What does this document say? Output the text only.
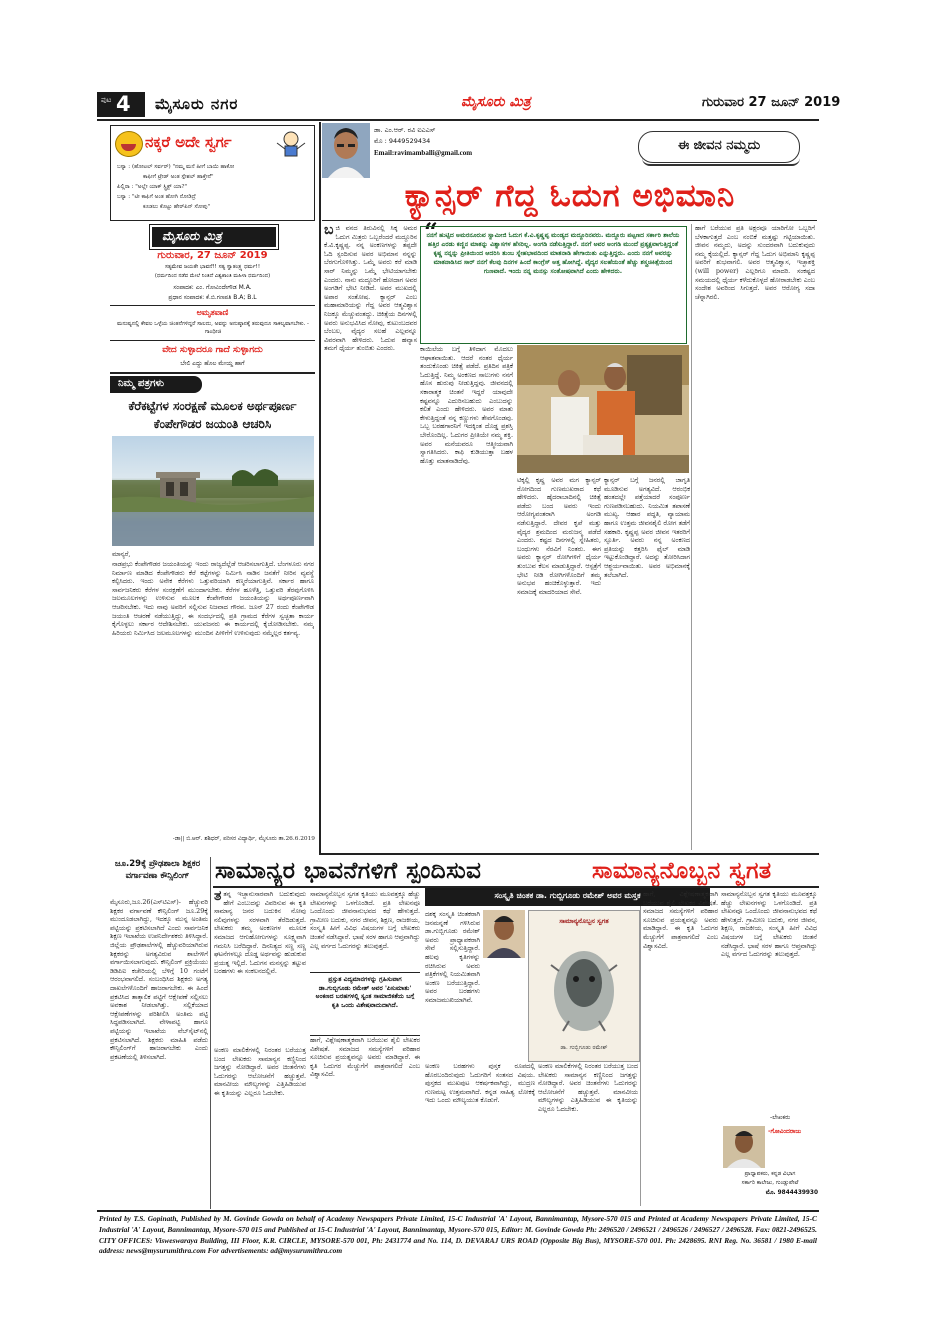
ಪುಟ 4 ಮೈಸೂರು ನಗರ	ಮೈಸೂರು ಮಿತ್ರ	ಗುರುವಾರ 27 ಜೂನ್ 2019
ನಕ್ಕರೆ ಅದೇ ಸ್ವರ್ಗ
ಬಸ್ಯಾ : (ಹೋಟಲ್ ಸರ್ವರ್) "ನಮ್ಮ ಮನೆ ಹೀಗೆ ಬಾಯಿ ಹಾಕೋ
ಕಾಫೀಗೆ ಟ್ರೇಡ್ ಅಂತ ಸ್ಪೇಶಲ್ ಹಾಕ್ತೇನೆ"
ಪಿಲ್ಲಿರಾ : "ಅಲ್ಲೇ ಯಾಕ್ ಸ್ಟ್ರಿಕ್ಟ್ ಯಾ?"
ಬಸ್ಯಾ : "ಟೀ ಕಾಫಿಗೆ ಅಂತ ಹೋಗಿ ನೋಡಿದ್ರೆ
ಕೂಡಲು ಕೊಟ್ಟು ಹೇರ್‌ಪಿನ್ ಸೋಪು"
ಮೈಸೂರು ಮಿತ್ರ
ಗುರುವಾರ, 27 ಜೂನ್ 2019
ಸತ್ಯಮೇವ ಜಯತೇ ಭಾವನೆ!! ಸತ್ಯ ಸ್ವಾತಂತ್ರ್ಯ ಧರ್ಮ!!
(ಧರ್ಮದಿಂದ ನಡೆವ ಮೇಲೆ ನಿಂತಿದೆ ವಿಶ್ವಶಾಂತಿ ಮಹಿಳಾ ಧರ್ಮದಿಂದ)
ಸಂಪಾದಕ: ಎಂ. ಗೋವಿಂದೇಗೌಡ M.A.
ಪ್ರಧಾನ ಸಂಪಾದಕ: ಕೆ.ಬಿ.ಗಣಪತಿ B.A; B.L
ಅಮೃತವಾಣಿ
ಮನುಷ್ಯನಲ್ಲಿ ಕೇವಲ ಒಳ್ಳೆಯ ಚಿಂತನೆಗಳಿದ್ದರೆ ಸಾಲದು, ಅವನ್ನು ಅನುಷ್ಠಾನಕ್ಕೆ ತರುವುದೂ ಸಾಕಲ್ಯವಾಗಬೇಕು. - ಗಾಂಧೀಜಿ
ವೇದ ಸುಳ್ಳಾದರೂ ಗಾದೆ ಸುಳ್ಳಾಗದು
ಬೇಲಿ ಎದ್ದು ಹೊಲ ಮೇಯ್ದ ಹಾಗೆ
ನಿಮ್ಮ ಪತ್ರಗಳು
ಕೆರೆಕಟ್ಟೆಗಳ ಸಂರಕ್ಷಣೆ ಮೂಲಕ ಅರ್ಥಪೂರ್ಣ
ಕೆಂಪೇಗೌಡರ ಜಯಂತಿ ಆಚರಿಸಿ
ಮಾನ್ಯರೆ,
ನಾಡಪ್ರಭು ಕೆಂಪೇಗೌಡರ ಜಯಂತಿಯನ್ನು ಇಂದು ರಾಜ್ಯದೆಲ್ಲೆಡೆ ಆಚರಿಸಲಾಗುತ್ತಿದೆ. ಬೆಂಗಳೂರು ನಗರ ನಿರ್ಮಾಣ ಮಾಡಿದ ಕೆಂಪೇಗೌಡರು ಕೆರೆ ಕಟ್ಟೆಗಳನ್ನು ನಿರ್ಮಿಸಿ ನಾಡಿನ ಜನತೆಗೆ ನೀರಿನ ವ್ಯವಸ್ಥೆ ಕಲ್ಪಿಸಿದರು. ಇಂದು ಅನೇಕ ಕೆರೆಗಳು ಒತ್ತುವರಿಯಾಗಿ ಕಣ್ಮರೆಯಾಗುತ್ತಿವೆ. ಸರ್ಕಾರ ಹಾಗೂ ಸಾರ್ವಜನಿಕರು ಕೆರೆಗಳ ಸಂರಕ್ಷಣೆಗೆ ಮುಂದಾಗಬೇಕು. ಕೆರೆಗಳ ಹೂಳೆತ್ತಿ, ಒತ್ತುವರಿ ತೆರವುಗೊಳಿಸಿ ಜಲಮೂಲಗಳನ್ನು ಉಳಿಸುವ ಮೂಲಕ ಕೆಂಪೇಗೌಡರ ಜಯಂತಿಯನ್ನು ಅರ್ಥಪೂರ್ಣವಾಗಿ ಆಚರಿಸಬೇಕು. ಇದು ನಾವು ಅವರಿಗೆ ಸಲ್ಲಿಸುವ ನಿಜವಾದ ಗೌರವ. ಜೂನ್ 27 ರಂದು ಕೆಂಪೇಗೌಡ ಜಯಂತಿ ಆಚರಣೆ ನಡೆಯುತ್ತಿದ್ದು, ಈ ಸಂದರ್ಭದಲ್ಲಿ ಪ್ರತಿ ಗ್ರಾಮದ ಕೆರೆಗಳ ಸ್ವಚ್ಛತಾ ಕಾರ್ಯ ಕೈಗೊಳ್ಳಲು ಸರ್ಕಾರ ಆದೇಶಿಸಬೇಕು. ಯುವಜನರು ಈ ಕಾರ್ಯದಲ್ಲಿ ಕೈಜೋಡಿಸಬೇಕು. ನಮ್ಮ ಹಿರಿಯರು ನಿರ್ಮಿಸಿದ ಜಲಮೂಲಗಳನ್ನು ಮುಂದಿನ ಪೀಳಿಗೆಗೆ ಉಳಿಸುವುದು ನಮ್ಮೆಲ್ಲರ ಕರ್ತವ್ಯ.
-ಡಾ|| ಬಿ.ಆರ್. ಶಶಿಧರ್, ಪರಿಸರ ವಿದ್ಯಾರ್ಥಿ, ಮೈಸೂರು ತಾ.26.6.2019
ಡಾ. ಎಂ.ಆರ್. ರವಿ ಐಎಎಸ್
ಮೊ : 9449529434
Email:ravimamballi@gmail.com	ಈ ಜೀವನ ನಮ್ಮದು
ಕ್ಯಾನ್ಸರ್ ಗೆದ್ದ ಓದುಗ ಅಭಿಮಾನಿ
“
ನನಗೆ ಹುಟ್ಟಿದ ಅಮರನೂರುವ ಸ್ವಾಮೀಜಿ ಓದುಗ ಕೆ.ವಿ.ಕೃಷ್ಣಪ್ಪ ಮಂಡ್ಯದ ಮದ್ದೂರಿನವರು. ಮದ್ದೂರು ಪಟ್ಟಣದ ಸರ್ಕಾರಿ ಶಾಲೆಯ ಹತ್ತಿರ ಎರಡು ಕಣ್ಣಿನ ಮಾತನ್ನು ವಿಶ್ವಾಸಗಳ ಹೆಸರಿಲ್ಲ. ಅಂಗಡಿ ನಡೆಸುತ್ತಿದ್ದಾರೆ. ನನಗೆ ಅವರ ಅಂಗಡಿ ಮುಂದೆ ಪ್ರತ್ಯಕ್ಷವಾಗುತ್ತಿದ್ದಂತೆ ಕೃಷ್ಣ ನನ್ನನ್ನು ಪ್ರೀತಿಯಿಂದ ಆದರಿಸಿ ತುಂಬ ಸ್ನೇಹಭಾವದಿಂದ ಮಾತನಾಡಿ ಹೇಗಾಯಿತು ಎನ್ನುತ್ತಿದ್ದರು. ಎಂದು ನನಗೆ ಅವರನ್ನು ಮಾತನಾಡಿಸಿದ ಸಾರ್ ನನಗೆ ಕೆಲವು ದಿನಗಳ ಹಿಂದೆ ಕಾಂಗ್ರೆಸ್ ಅತ್ತ ಹೋಗಿದ್ದೆ. ವೈದ್ಯರ ಸಲಹೆಯಂತೆ ಹೆಚ್ಚು ಶಸ್ತ್ರಚಿಕಿತ್ಸೆಯಿಂದ ಗುಣವಾದೆ. ಇಂದು ನನ್ನ ಮನಸ್ಸು ಸಂತೋಷವಾಗಿದೆ ಎಂದು ಹೇಳಿದರು.
ಬಜಿ ವನದ ತಿರುವಿನಲ್ಲಿ ಸಿಕ್ಕ ಅಮರ ಓದುಗ ಮಿತ್ರರು ಒಬ್ಬರೆಂದರೆ ಮದ್ದೂರಿನ ಕೆ.ವಿ.ಕೃಷ್ಣಪ್ಪ. ನನ್ನ ಅಂಕಣಗಳನ್ನು ತಪ್ಪದೇ ಓದಿ ಸ್ಪಂದಿಸುವ ಅವರ ಅಭಿಮಾನ ನನ್ನನ್ನು ಬೆರಗುಗೊಳಿಸಿತ್ತು. ಒಮ್ಮೆ ಅವರು ಕರೆ ಮಾಡಿ ಸಾರ್ ನಿಮ್ಮನ್ನು ಒಮ್ಮೆ ಭೇಟಿಯಾಗಬೇಕು ಎಂದರು. ನಾನು ಮದ್ದೂರಿಗೆ ಹೋದಾಗ ಅವರ ಅಂಗಡಿಗೆ ಭೇಟಿ ನೀಡಿದೆ. ಅವರ ಮುಖದಲ್ಲಿ ಅಪಾರ ಸಂತೋಷ. ಕ್ಯಾನ್ಸರ್ ಎಂಬ ಮಹಾಮಾರಿಯನ್ನು ಗೆದ್ದ ಅವರ ಆತ್ಮವಿಶ್ವಾಸ ನಿಜಕ್ಕೂ ಮೆಚ್ಚುವಂತದ್ದು. ಚಿಕಿತ್ಸೆಯ ದಿನಗಳಲ್ಲಿ ಅವರು ಅನುಭವಿಸಿದ ನೋವು, ಕುಟುಂಬದವರ ಬೆಂಬಲ, ವೈದ್ಯರ ಸಲಹೆ ಎಲ್ಲವನ್ನೂ ವಿವರವಾಗಿ ಹೇಳಿದರು. ಓದುವ ಹವ್ಯಾಸ ತಮಗೆ ಧೈರ್ಯ ತುಂಬಿತು ಎಂದರು.	ಕಾಯಿಲೆಯ ಬಗ್ಗೆ ತಿಳಿದಾಗ ಮೊದಲು ಆಘಾತವಾಯಿತು. ಆದರೆ ನಂತರ ಧೈರ್ಯ ತಂದುಕೊಂಡು ಚಿಕಿತ್ಸೆ ಪಡೆದೆ. ಪ್ರತಿದಿನ ಪತ್ರಿಕೆ ಓದುತ್ತಿದ್ದೆ. ನಿಮ್ಮ ಅಂಕಣದ ಸಾಲುಗಳು ನನಗೆ ಹೊಸ ಹುರುಪು ನೀಡುತ್ತಿದ್ದವು. ಜೀವನದಲ್ಲಿ ಸಕಾರಾತ್ಮಕ ಚಿಂತನೆ ಇದ್ದರೆ ಯಾವುದೇ ಕಷ್ಟವನ್ನೂ ಎದುರಿಸಬಹುದು ಎಂಬುದನ್ನು ಕಲಿತೆ ಎಂದು ಹೇಳಿದರು. ಅವರ ಮಾತು ಕೇಳುತ್ತಿದ್ದಂತೆ ನನ್ನ ಕಣ್ಣುಗಳು ತೇವಗೊಂಡವು. ಒಬ್ಬ ಬರಹಗಾರನಿಗೆ ಇದಕ್ಕಿಂತ ದೊಡ್ಡ ಪ್ರಶಸ್ತಿ ಬೇರೊಂದಿಲ್ಲ. ಓದುಗರ ಪ್ರೀತಿಯೇ ನಮ್ಮ ಶಕ್ತಿ. ಅವರ ಮನೆಯವರೂ ಆತ್ಮೀಯವಾಗಿ ಸ್ವಾಗತಿಸಿದರು. ಕಾಫಿ ಕುಡಿಯುತ್ತಾ ಬಹಳ ಹೊತ್ತು ಮಾತನಾಡಿದೆವು.
ಟಿಕ್ಕಲ್ಲಿ ಕೃಷ್ಣ ಅವರ ಮಗ ಕ್ಯಾನ್ಸರ್ ರೋಗದಿಂದ ಗುಣಮುಖರಾದ ಕಥೆ ಹೇಳಿದರು. ಹೈದರಾಬಾದಿನಲ್ಲಿ ಚಿಕಿತ್ಸೆ ಪಡೆದು ಬಂದ ಅವರು ಇಂದು ಆರೋಗ್ಯವಂತರಾಗಿ ಅಂಗಡಿ ನಡೆಸುತ್ತಿದ್ದಾರೆ. ದೇವರ ಕೃಪೆ ಮತ್ತು ವೈದ್ಯರ ಶ್ರಮದಿಂದ ಮರುಜನ್ಮ ಪಡೆದೆ ಎಂದರು. ಕಷ್ಟದ ದಿನಗಳಲ್ಲಿ ಸ್ನೇಹಿತರು, ಬಂಧುಗಳು ನೆರವಿಗೆ ನಿಂತರು. ಈಗ ಅವರು ಕ್ಯಾನ್ಸರ್ ರೋಗಿಗಳಿಗೆ ಧೈರ್ಯ ತುಂಬುವ ಕೆಲಸ ಮಾಡುತ್ತಿದ್ದಾರೆ. ಆಸ್ಪತ್ರೆಗೆ ಭೇಟಿ ನೀಡಿ ರೋಗಿಗಳೊಂದಿಗೆ ತಮ್ಮ ಅನುಭವ ಹಂಚಿಕೊಳ್ಳುತ್ತಾರೆ. ಇದು ಸಮಾಜಕ್ಕೆ ಮಾದರಿಯಾದ ಸೇವೆ.
ಕ್ಯಾನ್ಸರ್ ಬಗ್ಗೆ ಜನರಲ್ಲಿ ಜಾಗೃತಿ ಮೂಡಿಸುವ ಅಗತ್ಯವಿದೆ. ಆರಂಭಿಕ ಹಂತದಲ್ಲೇ ಪತ್ತೆಯಾದರೆ ಸಂಪೂರ್ಣ ಗುಣಪಡಿಸಬಹುದು. ನಿಯಮಿತ ತಪಾಸಣೆ ಮುಖ್ಯ. ಆಹಾರ ಪದ್ಧತಿ, ವ್ಯಾಯಾಮ ಹಾಗೂ ಉತ್ತಮ ಜೀವನಶೈಲಿ ರೋಗ ತಡೆಗೆ ಸಹಕಾರಿ. ಕೃಷ್ಣಪ್ಪ ಅವರ ಜೀವನ ಇತರರಿಗೆ ಸ್ಫೂರ್ತಿ. ಅವರು ನನ್ನ ಅಂಕಣದ ಪ್ರತಿಯನ್ನು ಕತ್ತರಿಸಿ ಫೈಲ್ ಮಾಡಿ ಇಟ್ಟುಕೊಂಡಿದ್ದಾರೆ. ಅದನ್ನು ತೋರಿಸಿದಾಗ ಆಶ್ಚರ್ಯವಾಯಿತು. ಅವರ ಅಭಿಮಾನಕ್ಕೆ ತಲೆಬಾಗಿದೆ.
ಹಾಗೆ ಬರೆಯುವ ಪ್ರತಿ ಅಕ್ಷರವೂ ಯಾರಿಗೋ ಒಬ್ಬರಿಗೆ ಬೆಳಕಾಗುತ್ತದೆ ಎಂಬ ನಂಬಿಕೆ ಮತ್ತಷ್ಟು ಗಟ್ಟಿಯಾಯಿತು. ಜೀವನ ನಮ್ಮದು, ಅದನ್ನು ಸುಂದರವಾಗಿ ಬದುಕುವುದು ನಮ್ಮ ಕೈಯಲ್ಲಿದೆ. ಕ್ಯಾನ್ಸರ್ ಗೆದ್ದ ಓದುಗ ಅಭಿಮಾನಿ ಕೃಷ್ಣಪ್ಪ ಅವರಿಗೆ ಶುಭವಾಗಲಿ. ಅವರ ಆತ್ಮವಿಶ್ವಾಸ, ಇಚ್ಛಾಶಕ್ತಿ (will power) ಎಲ್ಲರಿಗೂ ಮಾದರಿ. ಸಂಕಷ್ಟದ ಸಮಯದಲ್ಲಿ ಧೈರ್ಯ ಕಳೆದುಕೊಳ್ಳದೆ ಹೋರಾಡಬೇಕು ಎಂಬ ಸಂದೇಶ ಅವರಿಂದ ಸಿಗುತ್ತದೆ. ಅವರ ಆರೋಗ್ಯ ಸದಾ ಚೆನ್ನಾಗಿರಲಿ.
ಜೂ.29ಕ್ಕೆ ಪ್ರೌಢಶಾಲಾ ಶಿಕ್ಷಕರ ವರ್ಗಾವಣಾ ಕೌನ್ಸಿಲಿಂಗ್
ಮೈಸೂರು,ಜೂ.26(ಎಸ್‌ಟಿಎಸ್)- ಹೆಚ್ಚುವರಿ ಶಿಕ್ಷಕರ ವರ್ಗಾವಣೆ ಕೌನ್ಸಿಲಿಂಗ್ ಜೂ.29ಕ್ಕೆ ಮುಂದೂಡಲಾಗಿದ್ದು, ಇದಕ್ಕೂ ಮುನ್ನ ಅಂತಿಮ ಪಟ್ಟಿಯನ್ನು ಪ್ರಕಟಿಸಲಾಗಿದೆ ಎಂದು ಸಾರ್ವಜನಿಕ ಶಿಕ್ಷಣ ಇಲಾಖೆಯ ಉಪನಿರ್ದೇಶಕರು ತಿಳಿಸಿದ್ದಾರೆ. ಜಿಲ್ಲೆಯ ಪ್ರೌಢಶಾಲೆಗಳಲ್ಲಿ ಹೆಚ್ಚುವರಿಯಾಗಿರುವ ಶಿಕ್ಷಕರನ್ನು ಅಗತ್ಯವಿರುವ ಶಾಲೆಗಳಿಗೆ ವರ್ಗಾಯಿಸಲಾಗುವುದು. ಕೌನ್ಸಿಲಿಂಗ್ ಪ್ರಕ್ರಿಯೆಯು ಡಿಡಿಪಿಐ ಕಚೇರಿಯಲ್ಲಿ ಬೆಳಿಗ್ಗೆ 10 ಗಂಟೆಗೆ ಆರಂಭವಾಗಲಿದೆ. ಸಂಬಂಧಿಸಿದ ಶಿಕ್ಷಕರು ಅಗತ್ಯ ದಾಖಲೆಗಳೊಂದಿಗೆ ಹಾಜರಾಗಬೇಕು. ಈ ಹಿಂದೆ ಪ್ರಕಟಿಸಿದ ತಾತ್ಕಾಲಿಕ ಪಟ್ಟಿಗೆ ಆಕ್ಷೇಪಣೆ ಸಲ್ಲಿಸಲು ಅವಕಾಶ ನೀಡಲಾಗಿತ್ತು. ಸಲ್ಲಿಕೆಯಾದ ಆಕ್ಷೇಪಣೆಗಳನ್ನು ಪರಿಶೀಲಿಸಿ ಅಂತಿಮ ಪಟ್ಟಿ ಸಿದ್ಧಪಡಿಸಲಾಗಿದೆ. ವೇಳಾಪಟ್ಟಿ ಹಾಗೂ ಪಟ್ಟಿಯನ್ನು ಇಲಾಖೆಯ ವೆಬ್‌ಸೈಟ್‌ನಲ್ಲಿ ಪ್ರಕಟಿಸಲಾಗಿದೆ. ಶಿಕ್ಷಕರು ಮಾಹಿತಿ ಪಡೆದು ಕೌನ್ಸಿಲಿಂಗ್‌ಗೆ ಹಾಜರಾಗಬೇಕು ಎಂದು ಪ್ರಕಟಣೆಯಲ್ಲಿ ತಿಳಿಸಲಾಗಿದೆ.
ಸಾಮಾನ್ಯರ ಭಾವನೆಗಳಿಗೆ ಸ್ಪಂದಿಸುವ	ಸಾಮಾನ್ಯನೊಬ್ಬನ ಸ್ವಗತ
ತತನ್ನ ಇಚ್ಛಾನುಸಾರವಾಗಿ ಬದುಕುವುದು ಹೇಗೆ ಎಂಬುದನ್ನು ವಿವರಿಸುವ ಈ ಕೃತಿ ಸಾಮಾನ್ಯ ಜನರ ಬದುಕಿನ ನೋವು ನಲಿವುಗಳನ್ನು ಸರಳವಾಗಿ ತೆರೆದಿಡುತ್ತದೆ. ಲೇಖಕರು ತಮ್ಮ ಅಂಕಣಗಳ ಮೂಲಕ ಸಮಾಜದ ಆಗುಹೋಗುಗಳನ್ನು ಸೂಕ್ಷ್ಮವಾಗಿ ಗಮನಿಸಿ ಬರೆದಿದ್ದಾರೆ. ದಿನನಿತ್ಯದ ಸಣ್ಣ ಸಣ್ಣ ಘಟನೆಗಳಲ್ಲೂ ದೊಡ್ಡ ಅರ್ಥವನ್ನು ಹುಡುಕುವ ಪ್ರಯತ್ನ ಇಲ್ಲಿದೆ. ಓದುಗನ ಮನಸ್ಸನ್ನು ತಟ್ಟುವ ಬರಹಗಳು ಈ ಸಂಕಲನದಲ್ಲಿವೆ.
ಸಾಮಾನ್ಯನೊಬ್ಬನ ಸ್ವಗತ ಕೃತಿಯು ಮೂವತ್ತಕ್ಕೂ ಹೆಚ್ಚು ಲೇಖನಗಳನ್ನು ಒಳಗೊಂಡಿದೆ. ಪ್ರತಿ ಲೇಖನವೂ ಒಂದೊಂದು ಜೀವನಾನುಭವದ ಕಥೆ ಹೇಳುತ್ತದೆ. ಗ್ರಾಮೀಣ ಬದುಕು, ನಗರ ಜೀವನ, ಶಿಕ್ಷಣ, ರಾಜಕೀಯ, ಸಂಸ್ಕೃತಿ ಹೀಗೆ ವಿವಿಧ ವಿಷಯಗಳ ಬಗ್ಗೆ ಲೇಖಕರು ಚಿಂತನೆ ನಡೆಸಿದ್ದಾರೆ. ಭಾಷೆ ಸರಳ ಹಾಗೂ ಆಪ್ತವಾಗಿದ್ದು ಎಲ್ಲ ವರ್ಗದ ಓದುಗರನ್ನು ತಲುಪುತ್ತದೆ.
ಸಂಸ್ಕೃತಿ ಚಿಂತಕ ಡಾ. ಗುಬ್ಬಿಗೂಡು ರಮೇಶ್ ಅವರ ಮಸ್ತಕ
ಪ್ರಸ್ತುತ ವಿದ್ಯಮಾನಗಳನ್ನು ಗ್ರಹಿಸುವಾಗ ಡಾ.ಗುಬ್ಬಿಗೂಡು ರಮೇಶ್ ಅವರ 'ಪಿಸುಮಾತು' ಅಂಕಣದ ಬರಹಗಳಲ್ಲಿ ಸ್ವಂತ ಸಾಮಾಜಿಕತೆಯ ಬಗ್ಗೆ ಕೃತಿ ಒಂದು ವಿಶೇಷವಾದುದಾಗಿದೆ.
ಅಂಕಣ ಮಾಲಿಕೆಗಳಲ್ಲಿ ನಿರಂತರ ಬರೆಯುತ್ತ ಬಂದ ಲೇಖಕರು ಸಾಮಾನ್ಯನ ಕಣ್ಣಿನಿಂದ ಜಗತ್ತನ್ನು ನೋಡಿದ್ದಾರೆ. ಅವರ ಚಿಂತನೆಗಳು ಓದುಗರನ್ನು ಆಲೋಚನೆಗೆ ಹಚ್ಚುತ್ತವೆ. ಮಾನವೀಯ ಮೌಲ್ಯಗಳನ್ನು ಎತ್ತಿಹಿಡಿಯುವ ಈ ಕೃತಿಯನ್ನು ಎಲ್ಲರೂ ಓದಬೇಕು.
ಹಾಗೆ, ವಿಶ್ಲೇಷಣಾತ್ಮಕವಾಗಿ ಬರೆಯುವ ಶೈಲಿ ಲೇಖಕರ ವಿಶೇಷತೆ. ಸಮಾಜದ ಸಮಸ್ಯೆಗಳಿಗೆ ಪರಿಹಾರ ಸೂಚಿಸುವ ಪ್ರಯತ್ನವನ್ನೂ ಅವರು ಮಾಡಿದ್ದಾರೆ. ಈ ಕೃತಿ ಓದುಗರ ಮೆಚ್ಚುಗೆಗೆ ಪಾತ್ರವಾಗಲಿದೆ ಎಂಬ ವಿಶ್ವಾಸವಿದೆ.
ದಶಕ್ಕ ಸಂಸ್ಕೃತಿ ಚಿಂತಕರಾಗಿ ಜನಮನ್ನಣೆ ಗಳಿಸಿರುವ ಡಾ.ಗುಬ್ಬಿಗೂಡು ರಮೇಶ್ ಅವರು ಪ್ರಾಧ್ಯಾಪಕರಾಗಿ ಸೇವೆ ಸಲ್ಲಿಸುತ್ತಿದ್ದಾರೆ. ಹಲವು ಕೃತಿಗಳನ್ನು ರಚಿಸಿರುವ ಅವರು ಪತ್ರಿಕೆಗಳಲ್ಲಿ ನಿಯಮಿತವಾಗಿ ಅಂಕಣ ಬರೆಯುತ್ತಿದ್ದಾರೆ. ಅವರ ಬರಹಗಳು ಸಮಾಜಮುಖಿಯಾಗಿವೆ.
ಸಾಮಾನ್ಯನೊಬ್ಬನ ಸ್ವಗತ
ಡಾ. ಗುಬ್ಬಿಗೂಡು ರಮೇಶ್
ಅಂಕಣ ಬರಹಗಳು ಪುಸ್ತಕ ರೂಪದಲ್ಲಿ ಹೊರಬಂದಿರುವುದು ಓದುಗರಿಗೆ ಸಂತಸದ ವಿಷಯ. ಪುಸ್ತಕದ ಮುಖಪುಟ ಆಕರ್ಷಕವಾಗಿದ್ದು, ಮುದ್ರಣ ಗುಣಮಟ್ಟ ಉತ್ತಮವಾಗಿದೆ. ಕನ್ನಡ ಸಾಹಿತ್ಯ ಲೋಕಕ್ಕೆ ಇದು ಒಂದು ಮೌಲ್ಯಯುತ ಕೊಡುಗೆ.
ಅಂಕಣ ಮಾಲಿಕೆಗಳಲ್ಲಿ ನಿರಂತರ ಬರೆಯುತ್ತ ಬಂದ ಲೇಖಕರು ಸಾಮಾನ್ಯನ ಕಣ್ಣಿನಿಂದ ಜಗತ್ತನ್ನು ನೋಡಿದ್ದಾರೆ. ಅವರ ಚಿಂತನೆಗಳು ಓದುಗರನ್ನು ಆಲೋಚನೆಗೆ ಹಚ್ಚುತ್ತವೆ. ಮಾನವೀಯ ಮೌಲ್ಯಗಳನ್ನು ಎತ್ತಿಹಿಡಿಯುವ ಈ ಕೃತಿಯನ್ನು ಎಲ್ಲರೂ ಓದಬೇಕು.
ಹಾಗೆ, ವಿಶ್ಲೇಷಣಾತ್ಮಕವಾಗಿ ಬರೆಯುವ ಶೈಲಿ ಲೇಖಕರ ವಿಶೇಷತೆ. ಸಮಾಜದ ಸಮಸ್ಯೆಗಳಿಗೆ ಪರಿಹಾರ ಸೂಚಿಸುವ ಪ್ರಯತ್ನವನ್ನೂ ಅವರು ಮಾಡಿದ್ದಾರೆ. ಈ ಕೃತಿ ಓದುಗರ ಮೆಚ್ಚುಗೆಗೆ ಪಾತ್ರವಾಗಲಿದೆ ಎಂಬ ವಿಶ್ವಾಸವಿದೆ.
ಸಾಮಾನ್ಯನೊಬ್ಬನ ಸ್ವಗತ ಕೃತಿಯು ಮೂವತ್ತಕ್ಕೂ ಹೆಚ್ಚು ಲೇಖನಗಳನ್ನು ಒಳಗೊಂಡಿದೆ. ಪ್ರತಿ ಲೇಖನವೂ ಒಂದೊಂದು ಜೀವನಾನುಭವದ ಕಥೆ ಹೇಳುತ್ತದೆ. ಗ್ರಾಮೀಣ ಬದುಕು, ನಗರ ಜೀವನ, ಶಿಕ್ಷಣ, ರಾಜಕೀಯ, ಸಂಸ್ಕೃತಿ ಹೀಗೆ ವಿವಿಧ ವಿಷಯಗಳ ಬಗ್ಗೆ ಲೇಖಕರು ಚಿಂತನೆ ನಡೆಸಿದ್ದಾರೆ. ಭಾಷೆ ಸರಳ ಹಾಗೂ ಆಪ್ತವಾಗಿದ್ದು ಎಲ್ಲ ವರ್ಗದ ಓದುಗರನ್ನು ತಲುಪುತ್ತದೆ.
-ಲೇಖಕರು
-ಗೋವಿಂದರಾಜು
ಪ್ರಾಧ್ಯಾಪಕರು, ಕನ್ನಡ ವಿಭಾಗ
ಸರ್ಕಾರಿ ಕಾಲೇಜು, ಗುಂಡ್ಲುಪೇಟೆ
ಮೊ. 9844439930
Printed by T.S. Gopinath, Published by M. Govinde Gowda on behalf of Academy Newspapers Private Limited, 15-C Industrial 'A' Layout, Bannimantap, Mysore-570 015 and Printed at Academy Newspapers Private Limited, 15-C Industrial 'A' Layout, Bannimantap, Mysore-570 015 and Published at 15-C Industrial 'A' Layout, Bannimantap, Mysore-570 015, Editor: M. Govinde Gowda Ph: 2496520 / 2496521 / 2496526 / 2496527 / 2496528. Fax: 0821-2496525. CITY OFFICES: Visweswaraya Building, III Floor, K.R. CIRCLE, MYSORE-570 001, Ph: 2431774 and No. 114, D. DEVARAJ URS ROAD (Opposite Big Bus), MYSORE-570 001. Ph: 2428695. RNI Reg. No. 36581 / 1980 E-mail address: news@mysurumithra.com For advertisements: ad@mysurumithra.com
